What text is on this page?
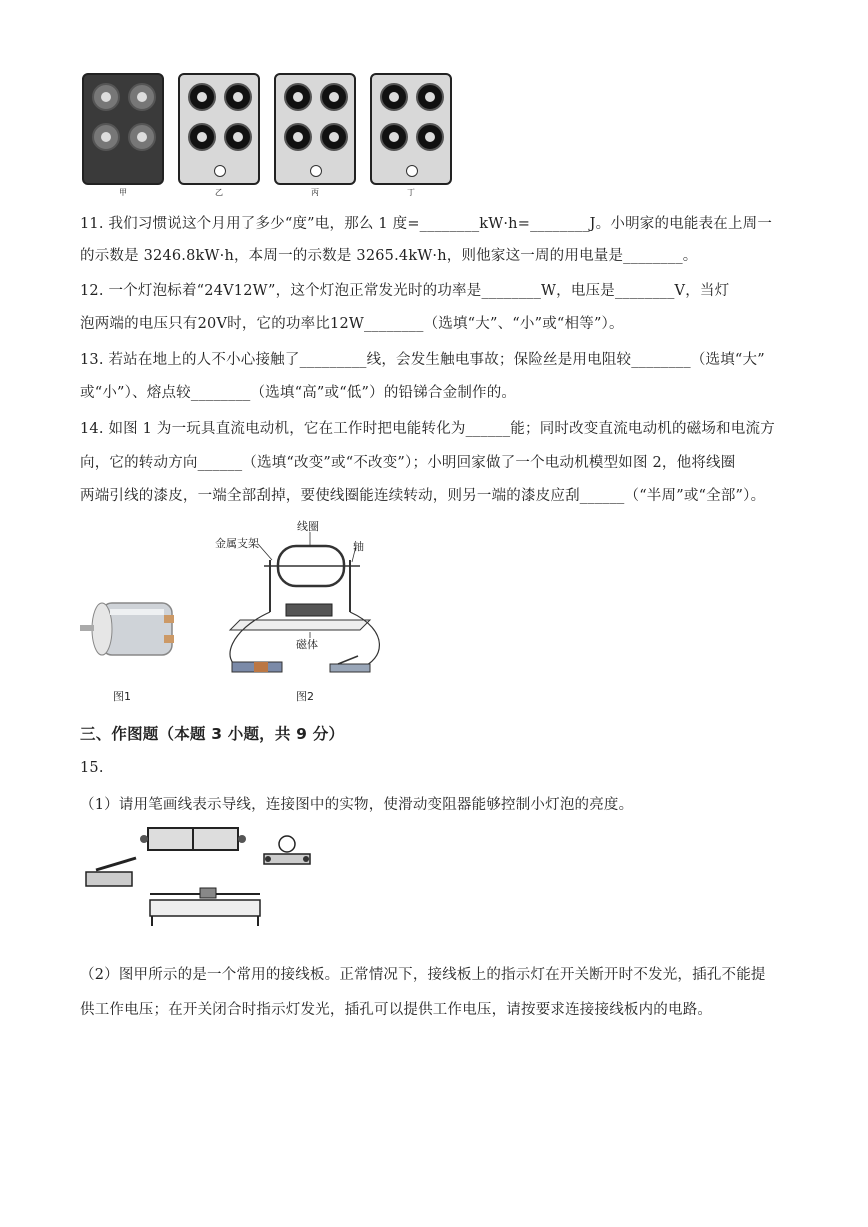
甲	乙	丙	丁
11. 我们习惯说这个月用了多少“度”电，那么 1 度=________kW·h=________J。小明家的电能表在上周一
的示数是 3246.8kW·h，本周一的示数是 3265.4kW·h，则他家这一周的用电量是________。
12. 一个灯泡标着“24V12W”，这个灯泡正常发光时的功率是________W，电压是________V，当灯
泡两端的电压只有20V时，它的功率比12W________（选填“大”、“小”或“相等”）。
13. 若站在地上的人不小心接触了_________线，会发生触电事故；保险丝是用电阻较________（选填“大”
或“小”）、熔点较________（选填“高”或“低”）的铅锑合金制作的。
14. 如图 1 为一玩具直流电动机，它在工作时把电能转化为______能；同时改变直流电动机的磁场和电流方
向，它的转动方向______（选填“改变”或“不改变”）；小明回家做了一个电动机模型如图 2，他将线圈
两端引线的漆皮，一端全部刮掉，要使线圈能连续转动，则另一端的漆皮应刮______（“半周”或“全部”）。
图1
线圈
金属支架	轴
磁体
图2
三、作图题（本题 3 小题，共 9 分）
15.
（1）请用笔画线表示导线，连接图中的实物，使滑动变阻器能够控制小灯泡的亮度。
（2）图甲所示的是一个常用的接线板。正常情况下，接线板上的指示灯在开关断开时不发光，插孔不能提
供工作电压；在开关闭合时指示灯发光，插孔可以提供工作电压，请按要求连接接线板内的电路。
